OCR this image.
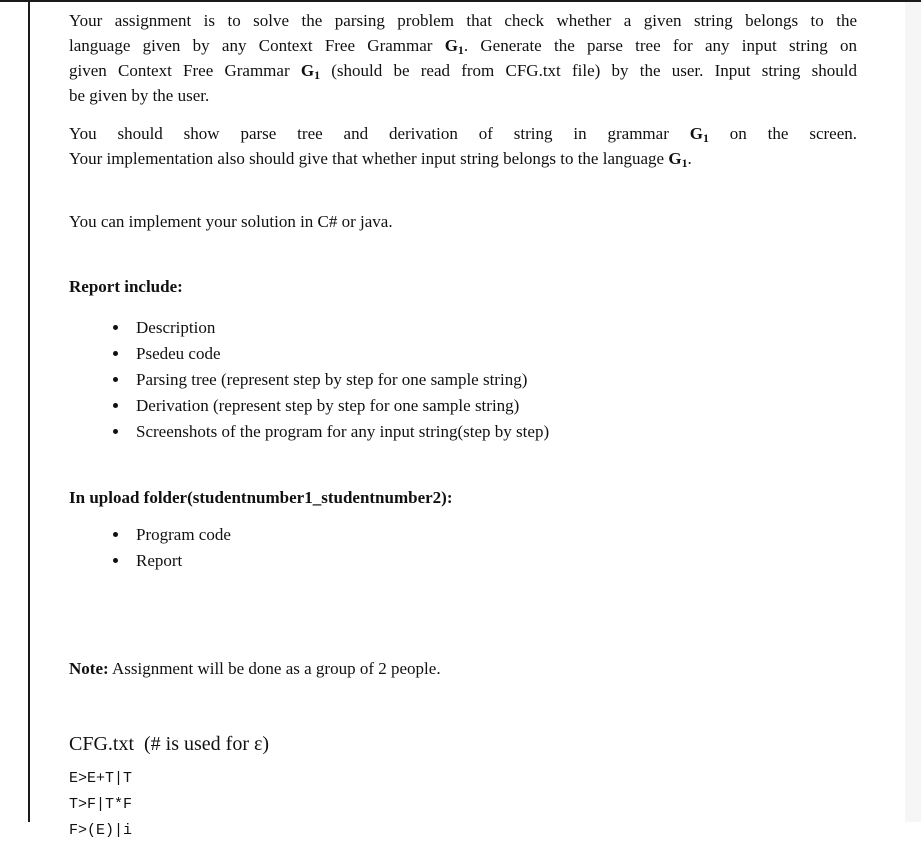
Your assignment is to solve the parsing problem that check whether a given string belongs to the
language given by any Context Free Grammar $G_1$. Generate the parse tree for any input string on
given Context Free Grammar $G_1$ (should be read from CFG.txt file) by the user. Input string should
be given by the user.

You should show parse tree and derivation of string in grammar $G_1$ on the screen.
Your implementation also should give that whether input string belongs to the language $G_1$.

You can implement your solution in C# or java.

Report include:

• Description
• Psedeu code
• Parsing tree (represent step by step for one sample string)
• Derivation (represent step by step for one sample string)
• Screenshots of the program for any input string(step by step)

In upload folder(studentnumber1_studentnumber2):

• Program code
• Report

Note: Assignment will be done as a group of 2 people.

CFG.txt  (# is used for ε)

E>E+T|T
T>F|T*F
F>(E)|i
